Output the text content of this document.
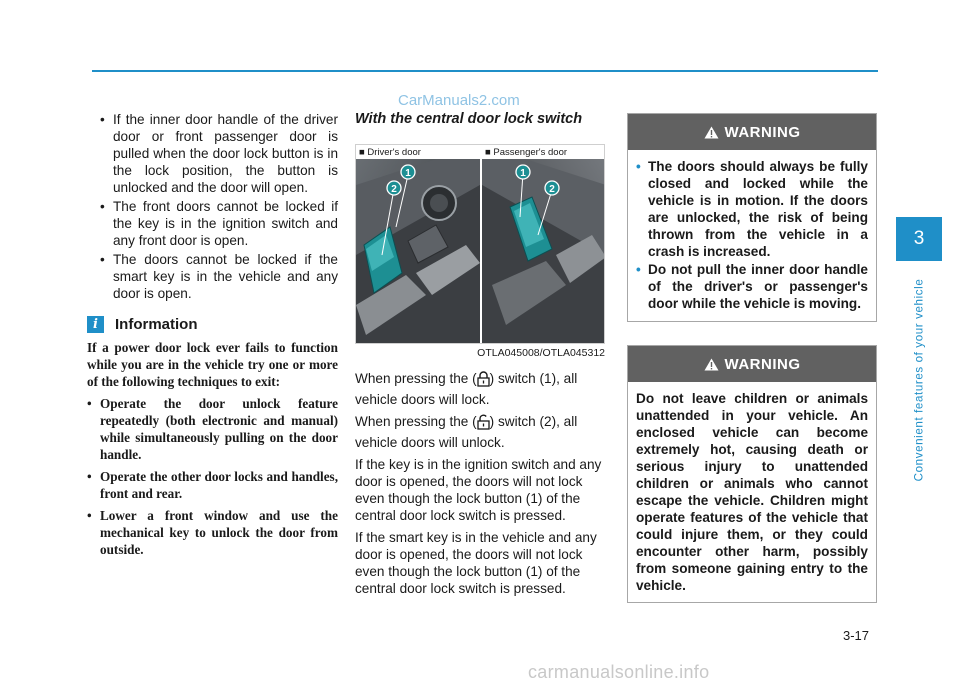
CarManuals2.com
• If the inner door handle of the driver door or front passenger door is pulled when the door lock button is in the lock position, the button is unlocked and the door will open.
• The front doors cannot be locked if the key is in the ignition switch and any front door is open.
• The doors cannot be locked if the smart key is in the vehicle and any door is open.
i	Information

If a power door lock ever fails to function while you are in the vehicle try one or more of the following techniques to exit:

• Operate the door unlock feature repeatedly (both electronic and manual) while simultaneously pulling on the door handle.
• Operate the other door locks and handles, front and rear.
• Lower a front window and use the mechanical key to unlock the door from outside.
With the central door lock switch
■ Driver's door	■ Passenger's door
1
2
1
2
OTLA045008/OTLA045312

When pressing the ( ) switch (1), all vehicle doors will lock.

When pressing the ( ) switch (2), all vehicle doors will unlock.

If the key is in the ignition switch and any door is opened, the doors will not lock even though the lock button (1) of the central door lock switch is pressed.

If the smart key is in the vehicle and any door is opened, the doors will not lock even though the lock button (1) of the central door lock switch is pressed.

WARNING
• The doors should always be fully closed and locked while the vehicle is in motion. If the doors are unlocked, the risk of being thrown from the vehicle in a crash is increased.
• Do not pull the inner door handle of the driver's or passenger's door while the vehicle is moving.
WARNING
Do not leave children or animals unattended in your vehicle. An enclosed vehicle can become extremely hot, causing death or serious injury to unattended children or animals who cannot escape the vehicle. Children might operate features of the vehicle that could injure them, or they could encounter other harm, possibly from someone gaining entry to the vehicle.
3
Convenient features of your vehicle
3-17
carmanualsonline.info
